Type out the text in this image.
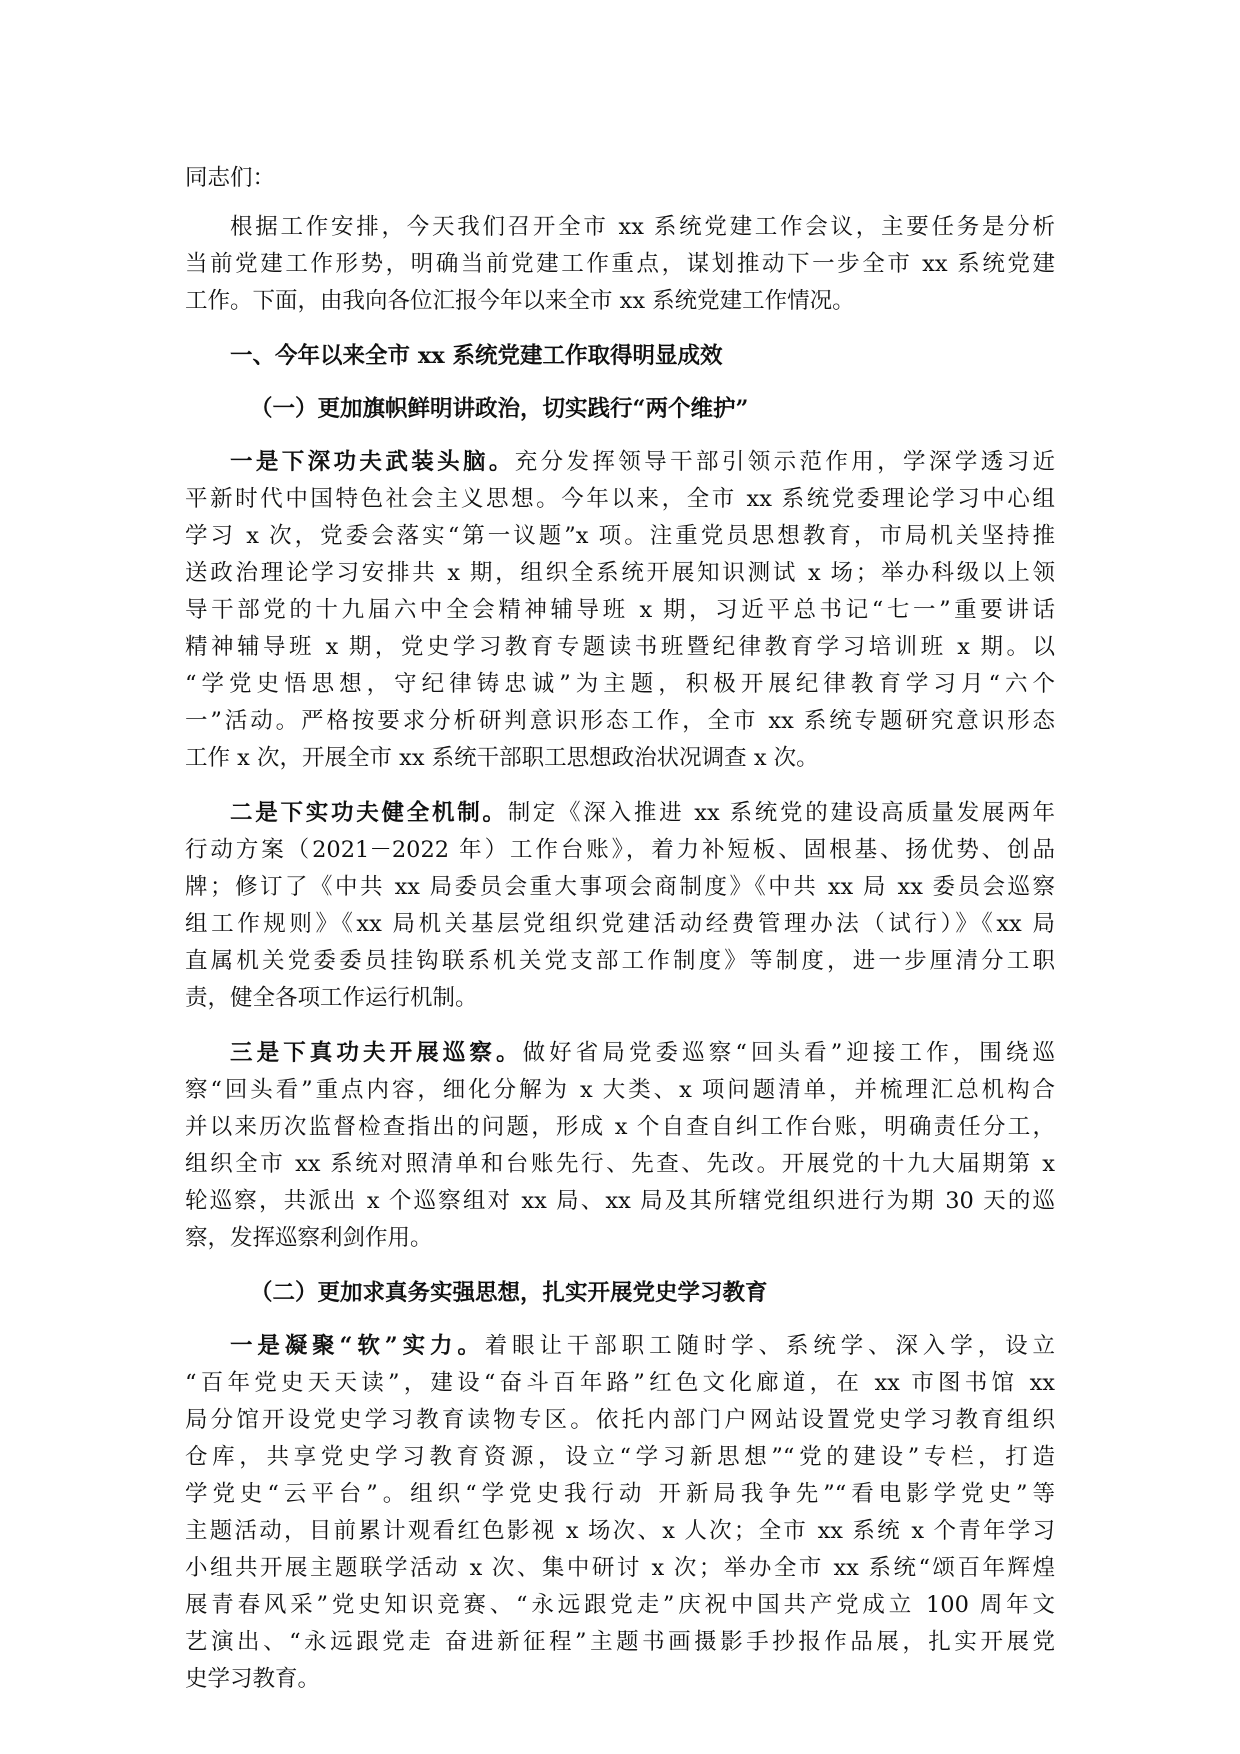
同志们：

根据工作安排，今天我们召开全市 xx 系统党建工作会议，主要任务是分析

当前党建工作形势，明确当前党建工作重点，谋划推动下一步全市 xx 系统党建

工作。下面，由我向各位汇报今年以来全市 xx 系统党建工作情况。

一、今年以来全市 xx 系统党建工作取得明显成效

（一）更加旗帜鲜明讲政治，切实践行“两个维护”

一是下深功夫武装头脑。充分发挥领导干部引领示范作用，学深学透习近

平新时代中国特色社会主义思想。今年以来，全市 xx 系统党委理论学习中心组

学习 x 次，党委会落实“第一议题”x 项。注重党员思想教育，市局机关坚持推

送政治理论学习安排共 x 期，组织全系统开展知识测试 x 场；举办科级以上领

导干部党的十九届六中全会精神辅导班 x 期，习近平总书记“七一”重要讲话

精神辅导班 x 期，党史学习教育专题读书班暨纪律教育学习培训班 x 期。以

“学党史悟思想，守纪律铸忠诚”为主题，积极开展纪律教育学习月“六个

一”活动。严格按要求分析研判意识形态工作，全市 xx 系统专题研究意识形态

工作 x 次，开展全市 xx 系统干部职工思想政治状况调查 x 次。

二是下实功夫健全机制。制定《深入推进 xx 系统党的建设高质量发展两年

行动方案（2021－2022 年）工作台账》，着力补短板、固根基、扬优势、创品

牌；修订了《中共 xx 局委员会重大事项会商制度》《中共 xx 局 xx 委员会巡察

组工作规则》《xx 局机关基层党组织党建活动经费管理办法（试行）》《xx 局

直属机关党委委员挂钩联系机关党支部工作制度》等制度，进一步厘清分工职

责，健全各项工作运行机制。

三是下真功夫开展巡察。做好省局党委巡察“回头看”迎接工作，围绕巡

察“回头看”重点内容，细化分解为 x 大类、x 项问题清单，并梳理汇总机构合

并以来历次监督检查指出的问题，形成 x 个自查自纠工作台账，明确责任分工，

组织全市 xx 系统对照清单和台账先行、先查、先改。开展党的十九大届期第 x

轮巡察，共派出 x 个巡察组对 xx 局、xx 局及其所辖党组织进行为期 30 天的巡

察，发挥巡察利剑作用。

（二）更加求真务实强思想，扎实开展党史学习教育

一是凝聚“软”实力。着眼让干部职工随时学、系统学、深入学，设立

“百年党史天天读”，建设“奋斗百年路”红色文化廊道，在 xx 市图书馆 xx

局分馆开设党史学习教育读物专区。依托内部门户网站设置党史学习教育组织

仓库，共享党史学习教育资源，设立“学习新思想”“党的建设”专栏，打造

学党史“云平台”。组织“学党史我行动 开新局我争先”“看电影学党史”等

主题活动，目前累计观看红色影视 x 场次、x 人次；全市 xx 系统 x 个青年学习

小组共开展主题联学活动 x 次、集中研讨 x 次；举办全市 xx 系统“颂百年辉煌

展青春风采”党史知识竞赛、“永远跟党走”庆祝中国共产党成立 100 周年文

艺演出、“永远跟党走 奋进新征程”主题书画摄影手抄报作品展，扎实开展党

史学习教育。
